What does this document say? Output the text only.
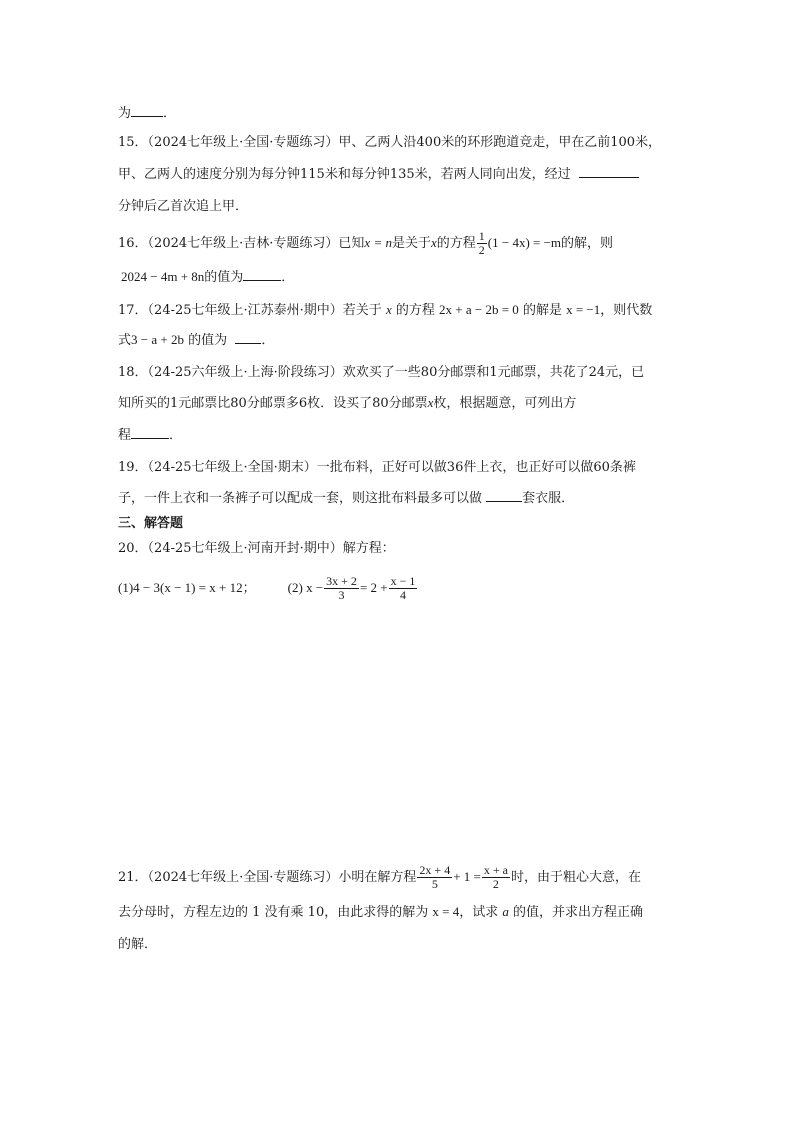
为 ．
15．（2024七年级上·全国·专题练习）甲、乙两人沿400米的环形跑道竞走，甲在乙前100米，
甲、乙两人的速度分别为每分钟115米和每分钟135米，若两人同向出发，经过
分钟后乙首次追上甲．
16．（2024七年级上·吉林·专题练习）已知x = n是关于x的方程 $\frac{1}{2} (1 - 4x) = -m$的解，则
2024 − 4m + 8n的值为	．
17．（24-25七年级上·江苏泰州·期中）若关于 x 的方程 2x + a − 2b = 0 的解是 x = −1，则代数
式3 − a + 2b 的值为	．
18．（24-25六年级上·上海·阶段练习）欢欢买了一些80分邮票和1元邮票，共花了24元，已
知所买的1元邮票比80分邮票多6枚．设买了80分邮票x枚，根据题意，可列出方
程	．
19．（24-25七年级上·全国·期末）一批布料，正好可以做36件上衣，也正好可以做60条裤
子，一件上衣和一条裤子可以配成一套，则这批布料最多可以做	套衣服．
三、解答题
20．（24-25七年级上·河南开封·期中）解方程：
(1)4 − 3(x − 1) = x + 12； (2) $x - \frac{3x + 2}{3} = 2 + \frac{x - 1}{4}$
21．（2024七年级上·全国·专题练习）小明在解方程 $\frac{2x + 4}{5} + 1 = \frac{x + a}{2}$ 时，由于粗心大意，在
去分母时，方程左边的 1 没有乘 10，由此求得的解为 x = 4，试求 a 的值，并求出方程正确
的解．
